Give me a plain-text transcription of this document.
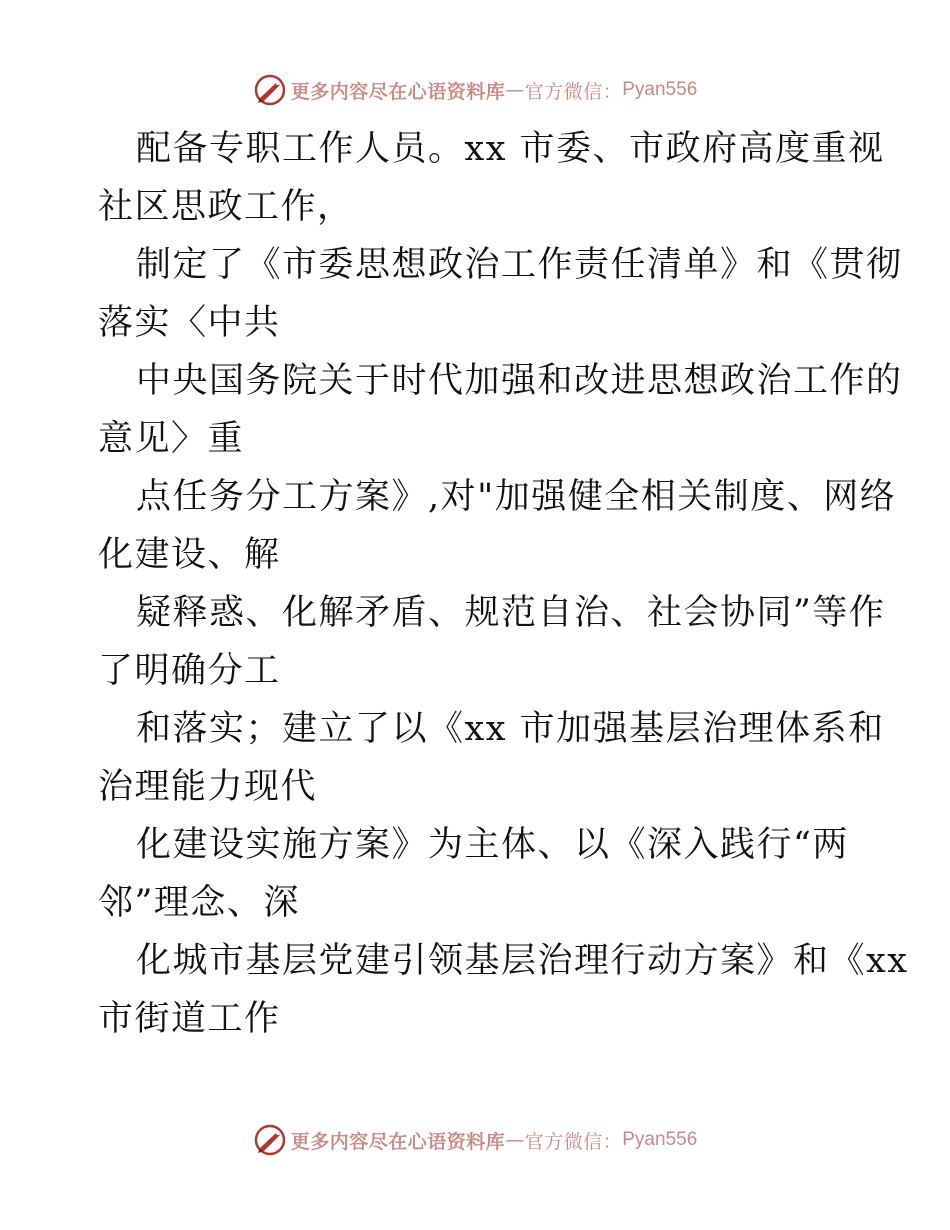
更多内容尽在心语资料库 — 官方微信： Pyan556
配备专职工作人员。xx 市委、市政府高度重视
社区思政工作，
制定了《市委思想政治工作责任清单》和《贯彻
落实〈中共
中央国务院关于时代加强和改进思想政治工作的
意见〉重
点任务分工方案》,对"加强健全相关制度、网络
化建设、解
疑释惑、化解矛盾、规范自治、社会协同”等作
了明确分工
和落实；建立了以《xx 市加强基层治理体系和
治理能力现代
化建设实施方案》为主体、以《深入践行“两
邻”理念、深
化城市基层党建引领基层治理行动方案》和《xx
市街道工作
更多内容尽在心语资料库 — 官方微信： Pyan556
